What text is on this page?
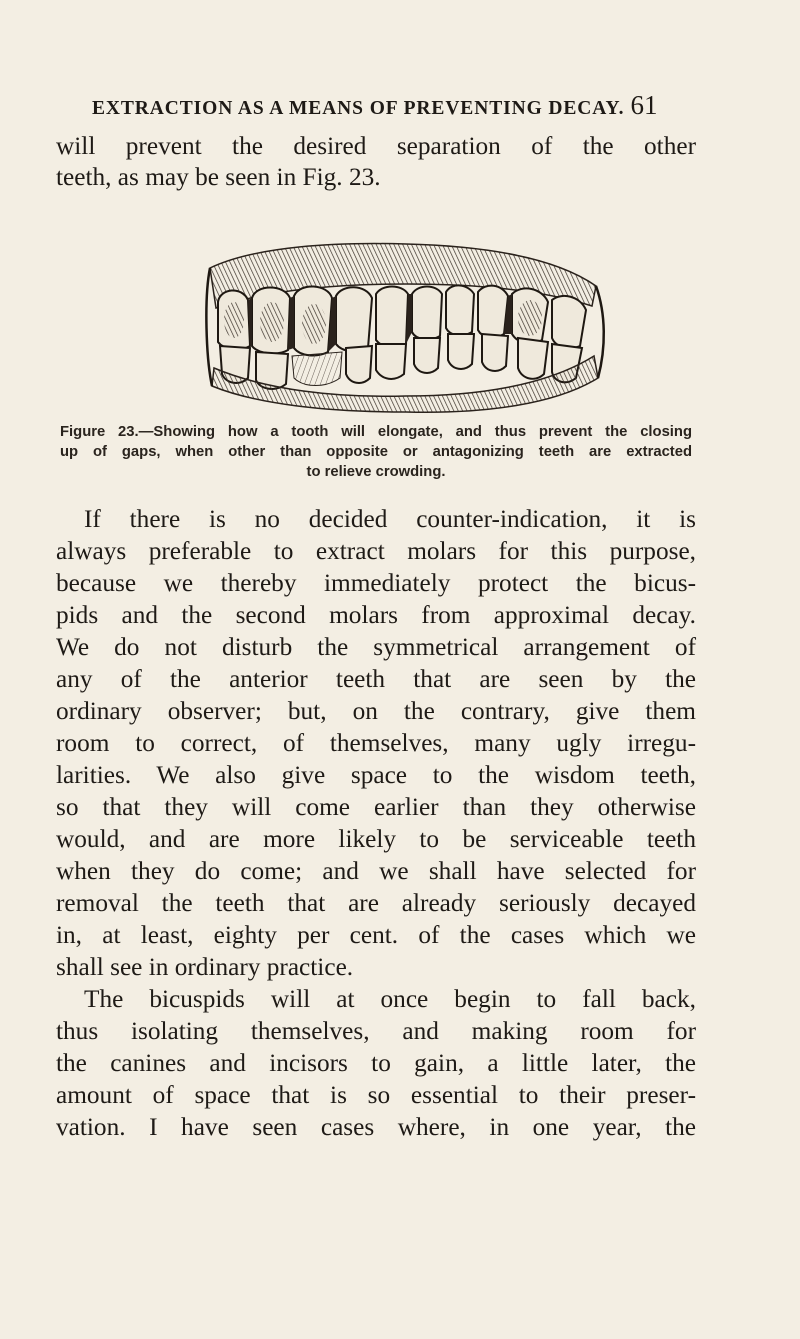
EXTRACTION AS A MEANS OF PREVENTING DECAY. 61
will prevent the desired separation of the other
teeth, as may be seen in Fig. 23.
Figure 23.—Showing how a tooth will elongate, and thus prevent the closing
up of gaps, when other than opposite or antagonizing teeth are extracted
to relieve crowding.
If there is no decided counter-indication, it is
always preferable to extract molars for this purpose,
because we thereby immediately protect the bicus-
pids and the second molars from approximal decay.
We do not disturb the symmetrical arrangement of
any of the anterior teeth that are seen by the
ordinary observer; but, on the contrary, give them
room to correct, of themselves, many ugly irregu-
larities. We also give space to the wisdom teeth,
so that they will come earlier than they otherwise
would, and are more likely to be serviceable teeth
when they do come; and we shall have selected for
removal the teeth that are already seriously decayed
in, at least, eighty per cent. of the cases which we
shall see in ordinary practice.
The bicuspids will at once begin to fall back,
thus isolating themselves, and making room for
the canines and incisors to gain, a little later, the
amount of space that is so essential to their preser-
vation. I have seen cases where, in one year, the
